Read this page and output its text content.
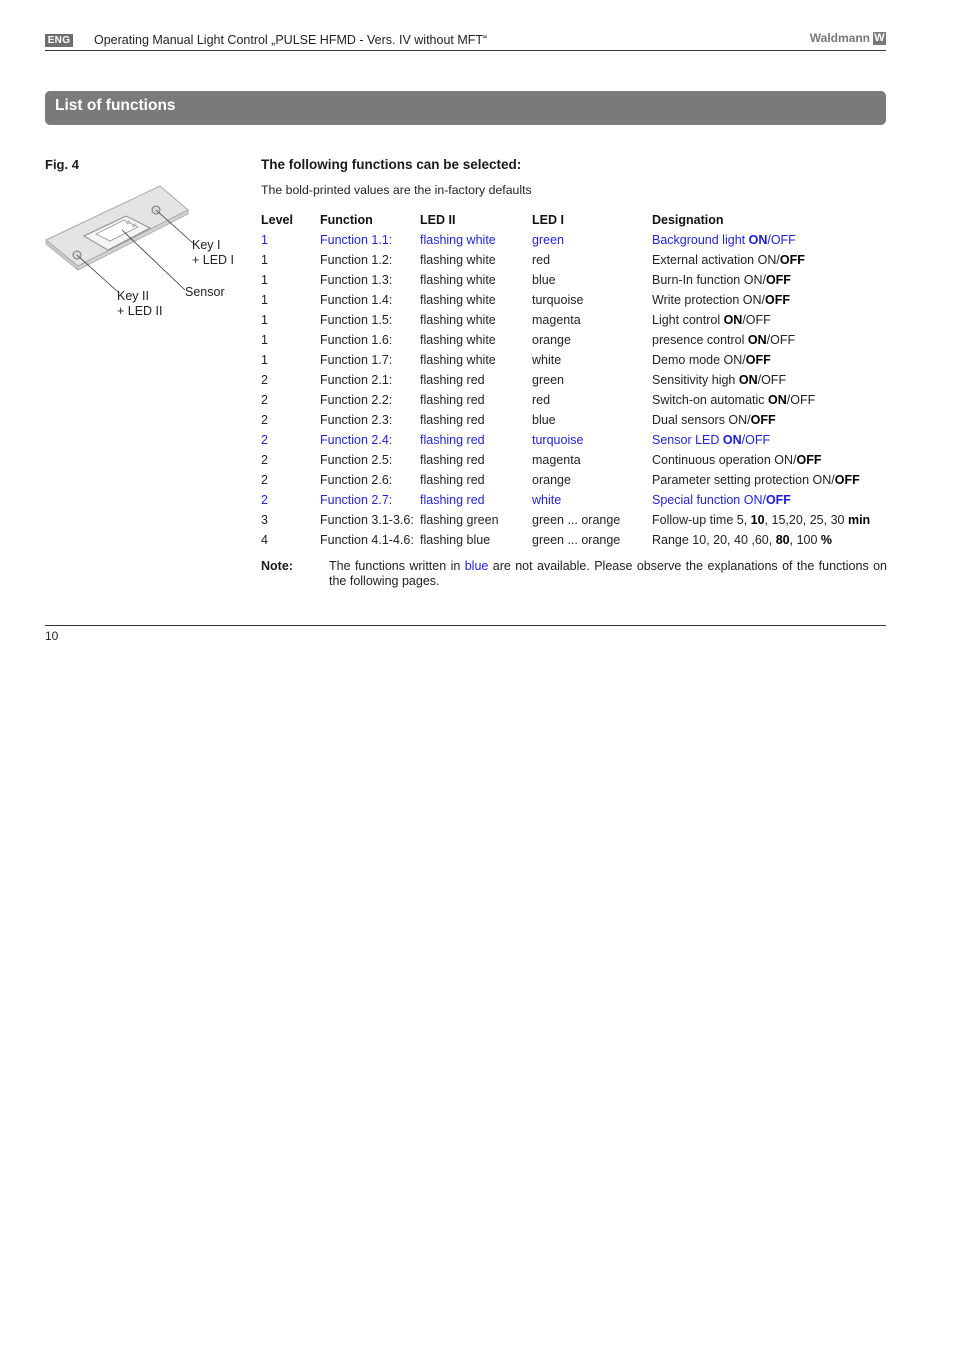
ENG Operating Manual Light Control „PULSE HFMD - Vers. IV without MFT“	Waldmann W
List of functions
Fig. 4
Key I
+ LED I
Sensor
Key II
+ LED II
The following functions can be selected:
The bold-printed values are the in-factory defaults
Level	Function	LED II	LED I	Designation
1	Function 1.1:	flashing white	green	Background light ON/OFF
1	Function 1.2:	flashing white	red	External activation ON/OFF
1	Function 1.3:	flashing white	blue	Burn-In function ON/OFF
1	Function 1.4:	flashing white	turquoise	Write protection ON/OFF
1	Function 1.5:	flashing white	magenta	Light control ON/OFF
1	Function 1.6:	flashing white	orange	presence control ON/OFF
1	Function 1.7:	flashing white	white	Demo mode ON/OFF
2	Function 2.1:	flashing red	green	Sensitivity high ON/OFF
2	Function 2.2:	flashing red	red	Switch-on automatic ON/OFF
2	Function 2.3:	flashing red	blue	Dual sensors ON/OFF
2	Function 2.4:	flashing red	turquoise	Sensor LED ON/OFF
2	Function 2.5:	flashing red	magenta	Continuous operation ON/OFF
2	Function 2.6:	flashing red	orange	Parameter setting protection ON/OFF
2	Function 2.7:	flashing red	white	Special function ON/OFF
3	Function 3.1-3.6:	flashing green	green ... orange	Follow-up time 5, 10, 15,20, 25, 30 min
4	Function 4.1-4.6:	flashing blue	green ... orange	Range 10, 20, 40 ,60, 80, 100 %
Note:	The functions written in blue are not available. Please observe the explanations of the functions on the following pages.
10
